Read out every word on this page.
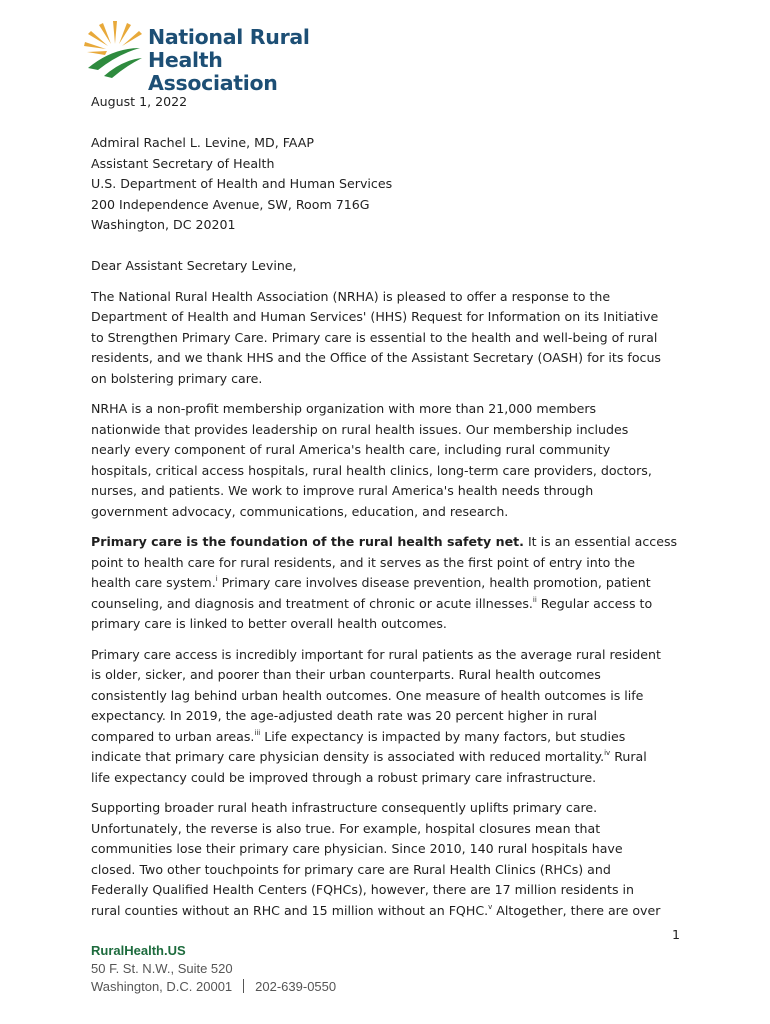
National Rural
Health Association

August 1, 2022

Admiral Rachel L. Levine, MD, FAAP
Assistant Secretary of Health
U.S. Department of Health and Human Services
200 Independence Avenue, SW, Room 716G
Washington, DC 20201

Dear Assistant Secretary Levine,

The National Rural Health Association (NRHA) is pleased to offer a response to the
Department of Health and Human Services' (HHS) Request for Information on its Initiative
to Strengthen Primary Care. Primary care is essential to the health and well-being of rural
residents, and we thank HHS and the Office of the Assistant Secretary (OASH) for its focus
on bolstering primary care.
NRHA is a non-profit membership organization with more than 21,000 members
nationwide that provides leadership on rural health issues. Our membership includes
nearly every component of rural America's health care, including rural community
hospitals, critical access hospitals, rural health clinics, long-term care providers, doctors,
nurses, and patients. We work to improve rural America's health needs through
government advocacy, communications, education, and research.
Primary care is the foundation of the rural health safety net. It is an essential access
point to health care for rural residents, and it serves as the first point of entry into the
health care system.$^i$ Primary care involves disease prevention, health promotion, patient
counseling, and diagnosis and treatment of chronic or acute illnesses.$^{ii}$ Regular access to
primary care is linked to better overall health outcomes.
Primary care access is incredibly important for rural patients as the average rural resident
is older, sicker, and poorer than their urban counterparts. Rural health outcomes
consistently lag behind urban health outcomes. One measure of health outcomes is life
expectancy. In 2019, the age-adjusted death rate was 20 percent higher in rural
compared to urban areas.$^{iii}$ Life expectancy is impacted by many factors, but studies
indicate that primary care physician density is associated with reduced mortality.$^{iv}$ Rural
life expectancy could be improved through a robust primary care infrastructure.
Supporting broader rural heath infrastructure consequently uplifts primary care.
Unfortunately, the reverse is also true. For example, hospital closures mean that
communities lose their primary care physician. Since 2010, 140 rural hospitals have
closed. Two other touchpoints for primary care are Rural Health Clinics (RHCs) and
Federally Qualified Health Centers (FQHCs), however, there are 17 million residents in
rural counties without an RHC and 15 million without an FQHC.$^v$ Altogether, there are over
1
RuralHealth.US
50 F. St. N.W., Suite 520
Washington, D.C. 20001 202-639-0550
